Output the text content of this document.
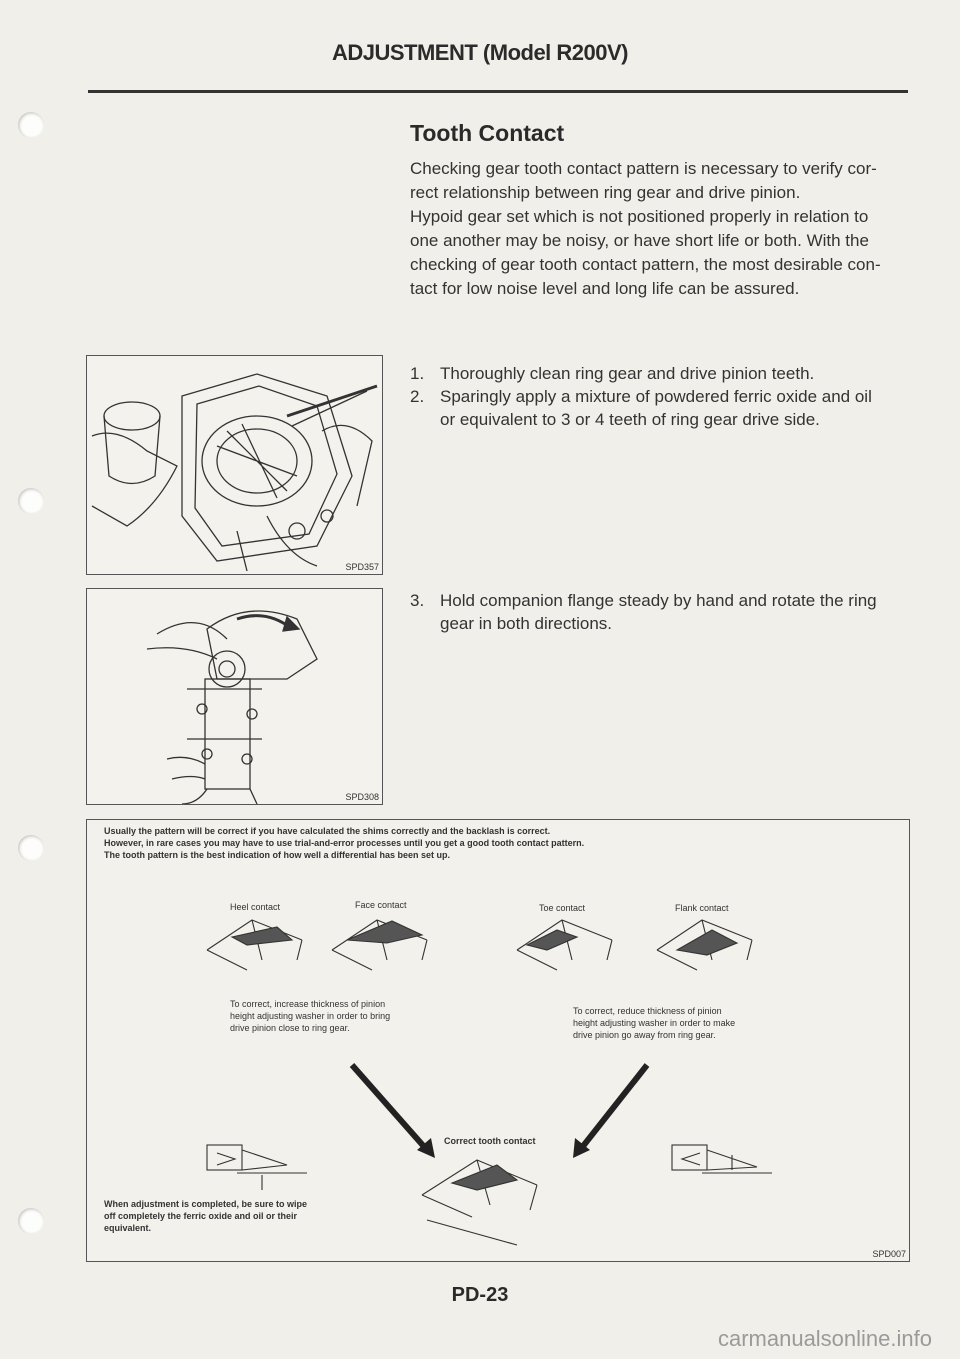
ADJUSTMENT (Model R200V)
Tooth Contact
Checking gear tooth contact pattern is necessary to verify cor-
rect relationship between ring gear and drive pinion.
Hypoid gear set which is not positioned properly in relation to
one another may be noisy, or have short life or both. With the
checking of gear tooth contact pattern, the most desirable con-
tact for low noise level and long life can be assured.
1. Thoroughly clean ring gear and drive pinion teeth.
2. Sparingly apply a mixture of powdered ferric oxide and oil
or equivalent to 3 or 4 teeth of ring gear drive side.
3. Hold companion flange steady by hand and rotate the ring
gear in both directions.
SPD357
SPD308
Usually the pattern will be correct if you have calculated the shims correctly and the backlash is correct.
However, in rare cases you may have to use trial-and-error processes until you get a good tooth contact pattern.
The tooth pattern is the best indication of how well a differential has been set up.
Heel contact	Face contact	Toe contact	Flank contact
To correct, increase thickness of pinion
height adjusting washer in order to bring
drive pinion close to ring gear.
To correct, reduce thickness of pinion
height adjusting washer in order to make
drive pinion go away from ring gear.
Correct tooth contact
When adjustment is completed, be sure to wipe
off completely the ferric oxide and oil or their
equivalent.
SPD007
PD-23
carmanualsonline.info
